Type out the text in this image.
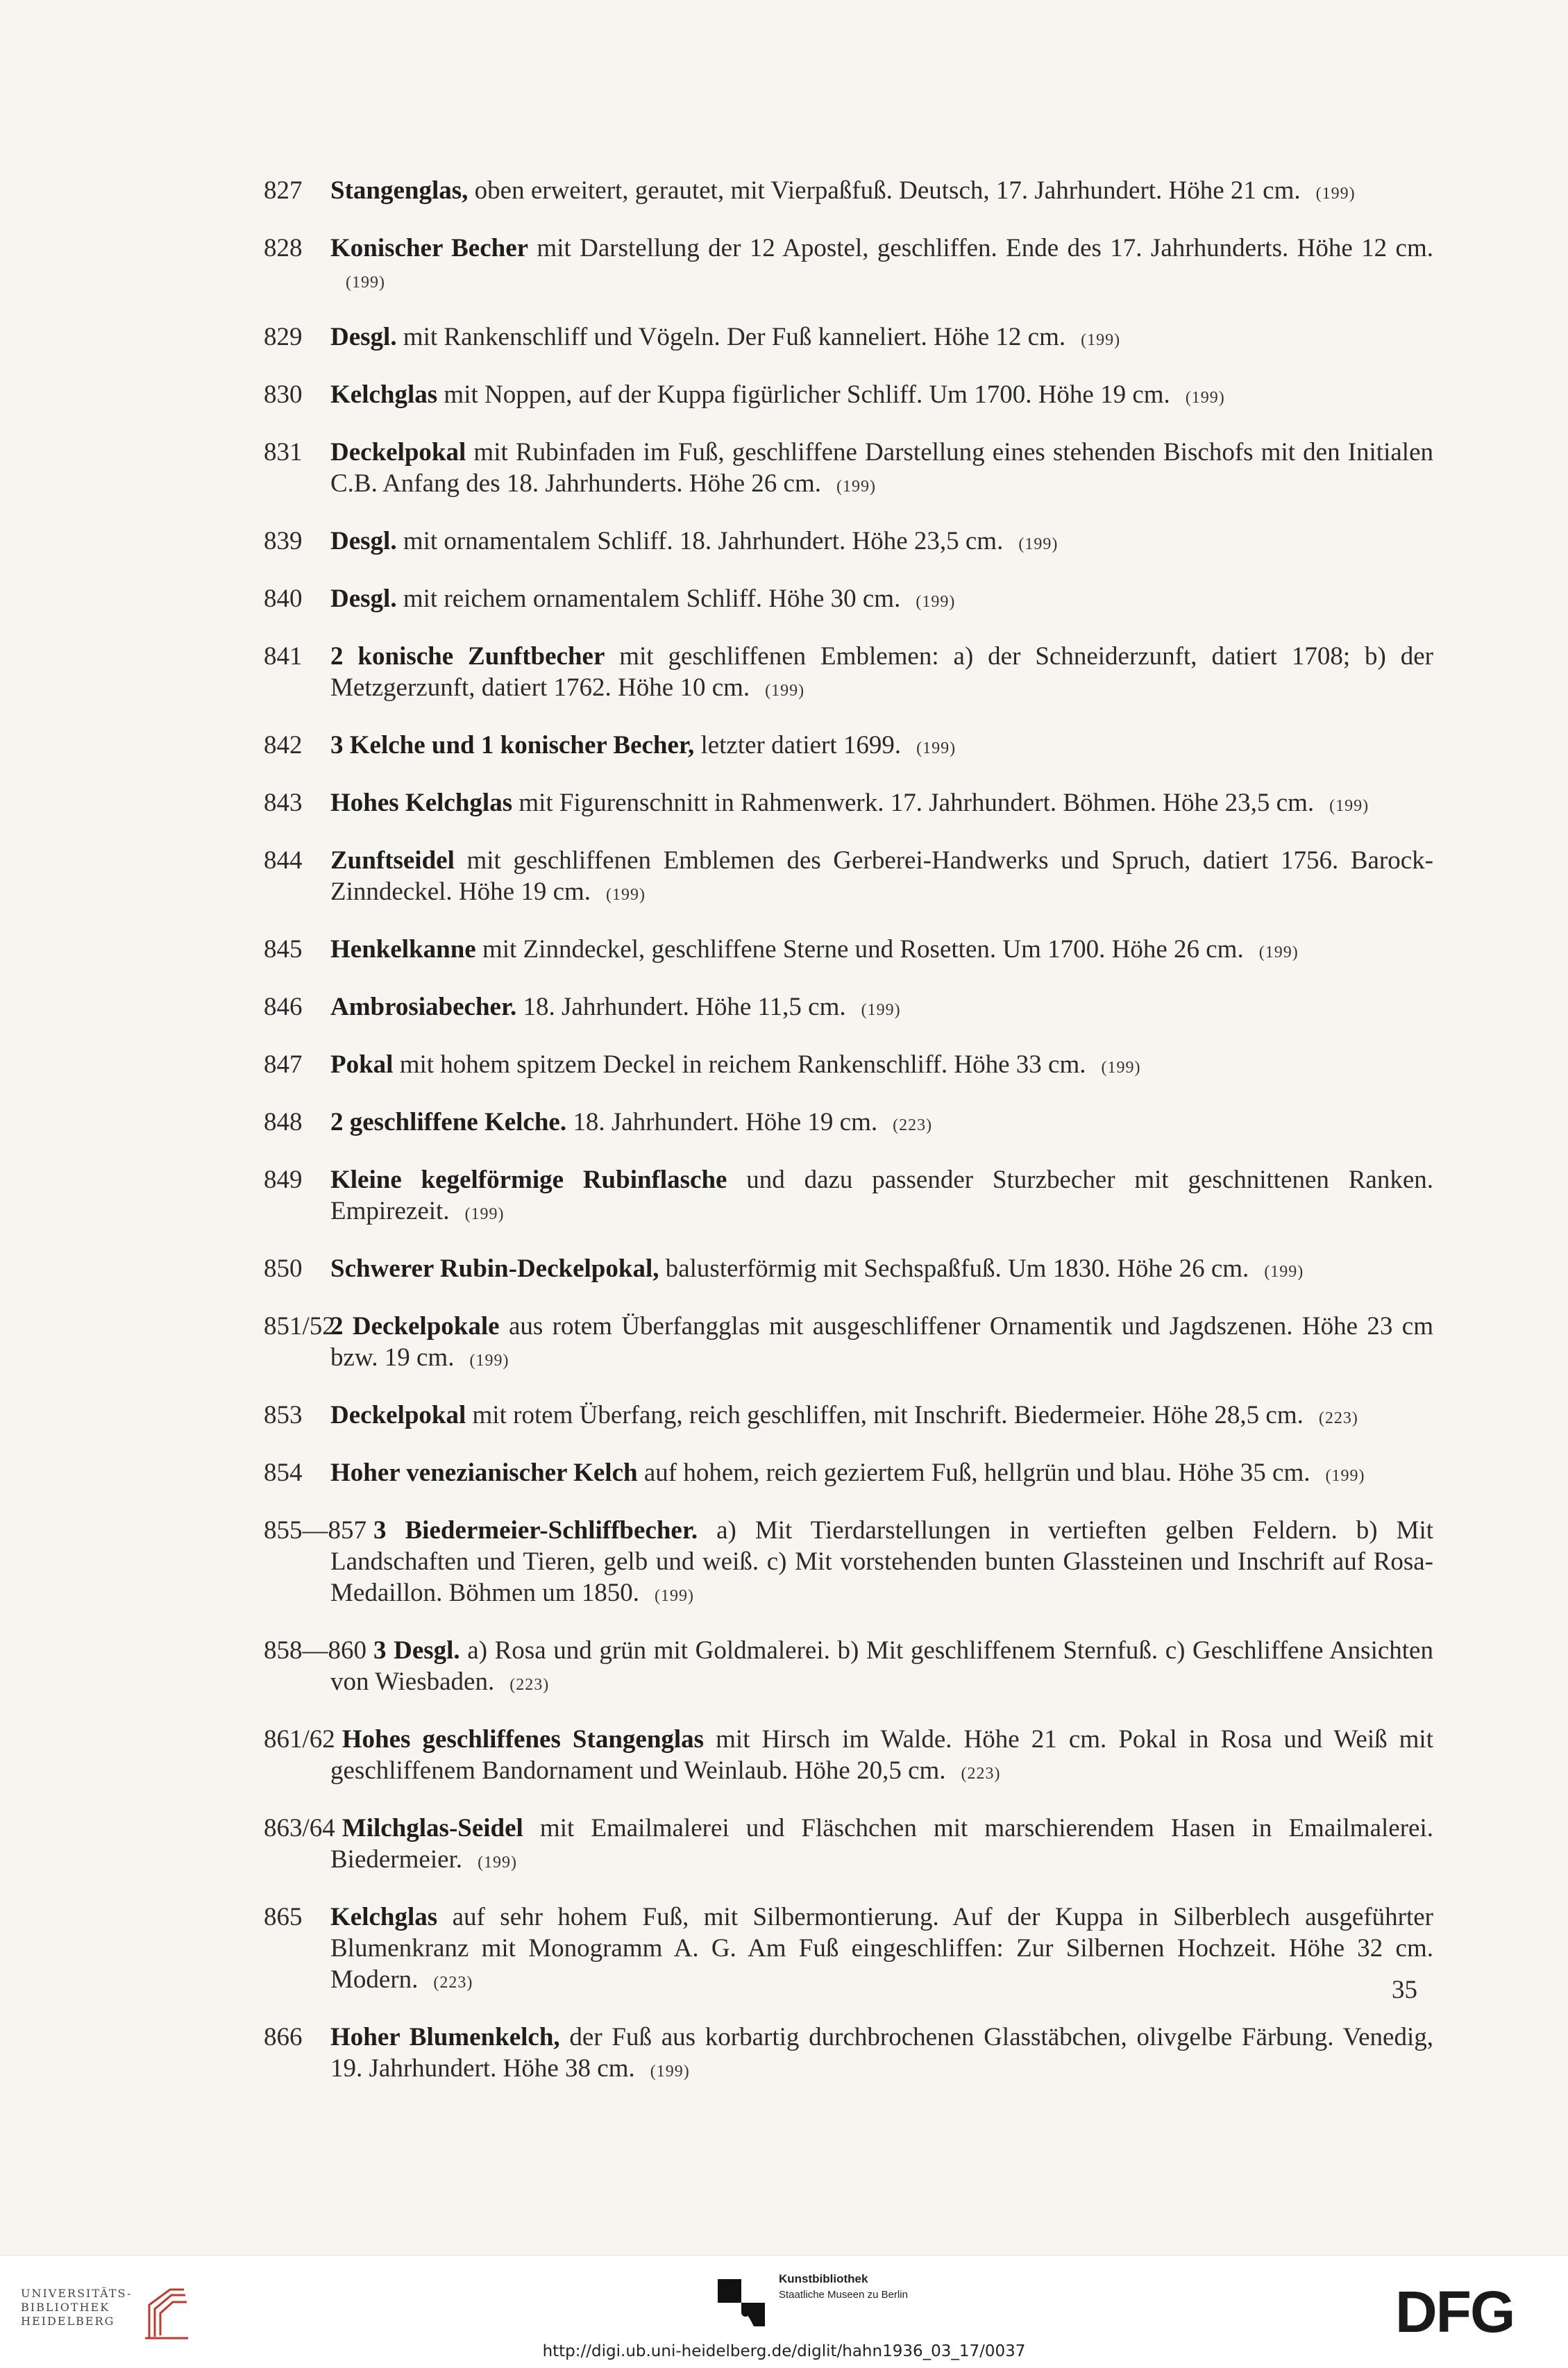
827 Stangenglas, oben erweitert, gerautet, mit Vierpaßfuß. Deutsch, 17. Jahrhundert. Höhe 21 cm. (199)
828 Konischer Becher mit Darstellung der 12 Apostel, geschliffen. Ende des 17. Jahrhunderts. Höhe 12 cm.(199)
829 Desgl. mit Rankenschliff und Vögeln. Der Fuß kanneliert. Höhe 12 cm. (199)
830 Kelchglas mit Noppen, auf der Kuppa figürlicher Schliff. Um 1700. Höhe 19 cm. (199)
831 Deckelpokal mit Rubinfaden im Fuß, geschliffene Darstellung eines stehenden Bischofs mit den Initialen C.B. Anfang des 18. Jahrhunderts. Höhe 26 cm. (199)
839 Desgl. mit ornamentalem Schliff. 18. Jahrhundert. Höhe 23,5 cm. (199)
840 Desgl. mit reichem ornamentalem Schliff. Höhe 30 cm. (199)
841 2 konische Zunftbecher mit geschliffenen Emblemen: a) der Schneiderzunft, datiert 1708; b) der Metzgerzunft, datiert 1762. Höhe 10 cm. (199)
842 3 Kelche und 1 konischer Becher, letzter datiert 1699. (199)
843 Hohes Kelchglas mit Figurenschnitt in Rahmenwerk. 17. Jahrhundert. Böhmen. Höhe 23,5 cm. (199)
844 Zunftseidel mit geschliffenen Emblemen des Gerberei-Handwerks und Spruch, datiert 1756. Barock-Zinndeckel. Höhe 19 cm. (199)
845 Henkelkanne mit Zinndeckel, geschliffene Sterne und Rosetten. Um 1700. Höhe 26 cm. (199)
846 Ambrosiabecher. 18. Jahrhundert. Höhe 11,5 cm. (199)
847 Pokal mit hohem spitzem Deckel in reichem Rankenschliff. Höhe 33 cm. (199)
848 2 geschliffene Kelche. 18. Jahrhundert. Höhe 19 cm. (223)
849 Kleine kegelförmige Rubinflasche und dazu passender Sturzbecher mit geschnittenen Ranken. Empirezeit. (199)
850 Schwerer Rubin-Deckelpokal, balusterförmig mit Sechspaßfuß. Um 1830. Höhe 26 cm. (199)
851/52
2 Deckelpokale aus rotem Überfangglas mit ausgeschliffener Ornamentik und Jagdszenen. Höhe 23 cm bzw. 19 cm. (199)
853 Deckelpokal mit rotem Überfang, reich geschliffen, mit Inschrift. Biedermeier. Höhe 28,5 cm. (223)
854 Hoher venezianischer Kelch auf hohem, reich geziertem Fuß, hellgrün und blau. Höhe 35 cm. (199)
855—857 3 Biedermeier-Schliffbecher. a) Mit Tierdarstellungen in vertieften gelben Feldern. b) Mit Landschaften und Tieren, gelb und weiß. c) Mit vorstehenden bunten Glassteinen und Inschrift auf Rosa-Medaillon. Böhmen um 1850. (199)
858—860 3 Desgl. a) Rosa und grün mit Goldmalerei. b) Mit geschliffenem Sternfuß. c) Geschliffene Ansichten von Wiesbaden. (223)
861/62 Hohes geschliffenes Stangenglas mit Hirsch im Walde. Höhe 21 cm. Pokal in Rosa und Weiß mit geschliffenem Bandornament und Weinlaub. Höhe 20,5 cm. (223)
863/64 Milchglas-Seidel mit Emailmalerei und Fläschchen mit marschierendem Hasen in Emailmalerei. Biedermeier. (199)
865 Kelchglas auf sehr hohem Fuß, mit Silbermontierung. Auf der Kuppa in Silberblech ausgeführter Blumenkranz mit Monogramm A. G. Am Fuß eingeschliffen: Zur Silbernen Hochzeit. Höhe 32 cm. Modern. (223)
866 Hoher Blumenkelch, der Fuß aus korbartig durchbrochenen Glasstäbchen, olivgelbe Färbung. Venedig, 19. Jahrhundert. Höhe 38 cm. (199)
35
UNIVERSITÄTS-
BIBLIOTHEK
HEIDELBERG
Kunstbibliothek
Staatliche Museen zu Berlin	DFG
http://digi.ub.uni-heidelberg.de/diglit/hahn1936_03_17/0037
